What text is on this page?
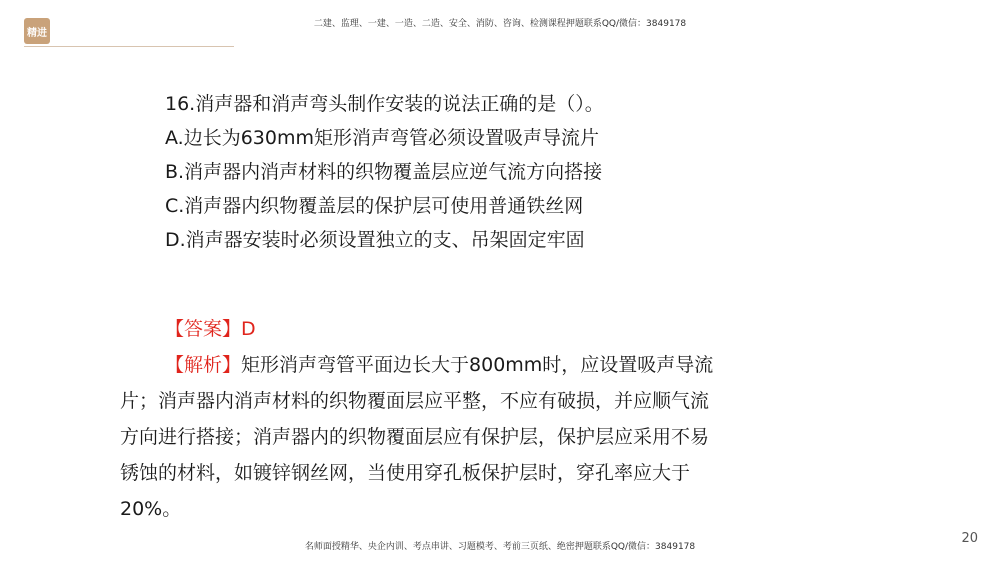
精进
二建、监理、一建、一造、二造、安全、消防、咨询、检测课程押题联系QQ/微信：3849178
16.消声器和消声弯头制作安装的说法正确的是（）。
A.边长为630mm矩形消声弯管必须设置吸声导流片
B.消声器内消声材料的织物覆盖层应逆气流方向搭接
C.消声器内织物覆盖层的保护层可使用普通铁丝网
D.消声器安装时必须设置独立的支、吊架固定牢固
【答案】D
【解析】矩形消声弯管平面边长大于800mm时，应设置吸声导流
片；消声器内消声材料的织物覆面层应平整，不应有破损，并应顺气流
方向进行搭接；消声器内的织物覆面层应有保护层，保护层应采用不易
锈蚀的材料，如镀锌钢丝网，当使用穿孔板保护层时，穿孔率应大于
20%。
名师面授精华、央企内训、考点串讲、习题模考、考前三页纸、绝密押题联系QQ/微信：3849178
20
